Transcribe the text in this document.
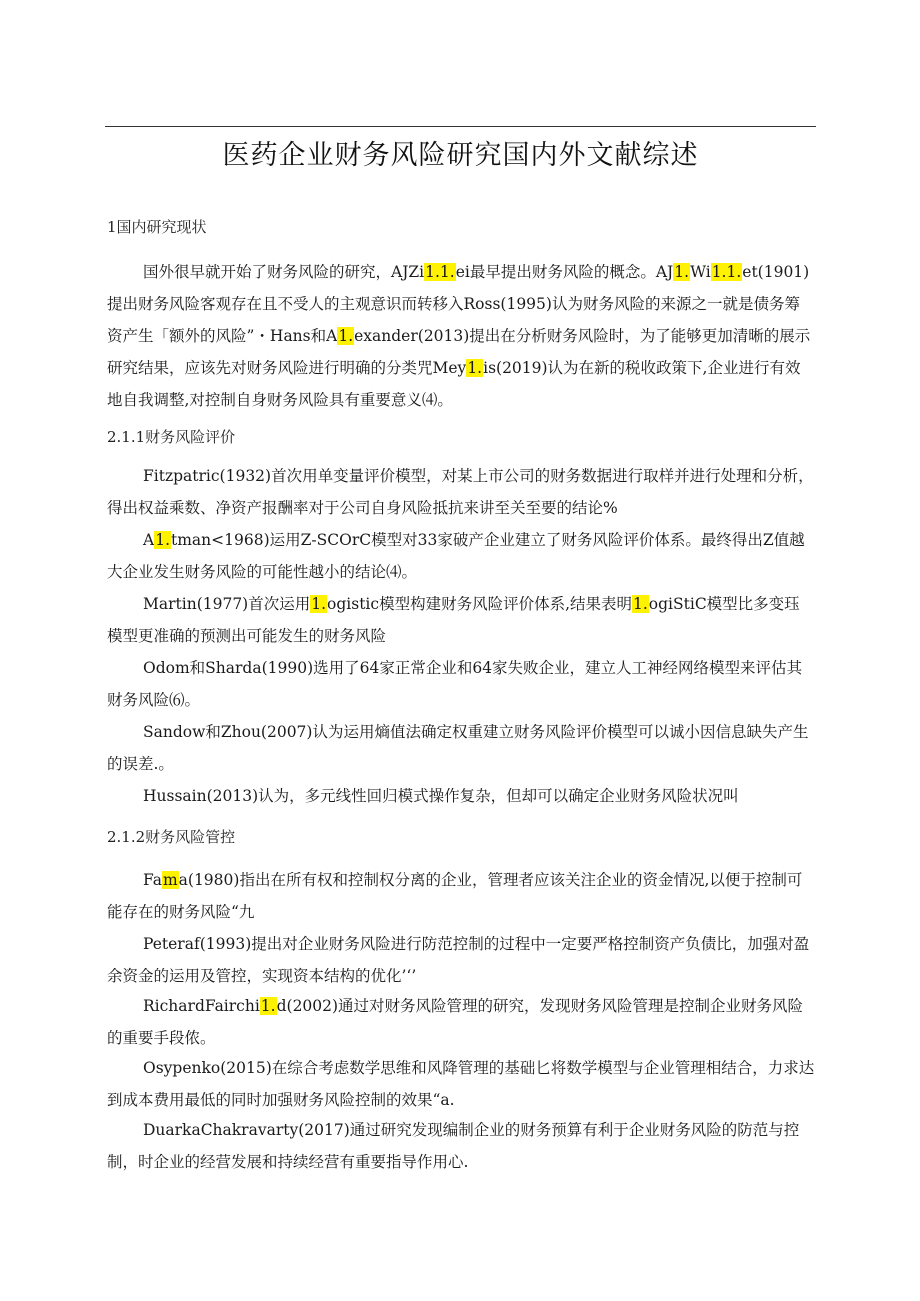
医药企业财务风险研究国内外文献综述
1国内研究现状
国外很早就开始了财务风险的研究，AJZi1.1.ei最早提出财务风险的概念。AJ1.Wi1.1.et(1901)提出财务风险客观存在且不受人的主观意识而转移入Ross(1995)认为财务风险的来源之一就是债务筹资产生「额外的风险”・Hans和A1.exander(2013)提出在分析财务风险时，为了能够更加清晰的展示研究结果，应该先对财务风险进行明确的分类咒Mey1.is(2019)认为在新的税收政策下,企业进行有效地自我调整,对控制自身财务风险具有重要意义⑷。
2.1.1财务风险评价
Fitzpatric(1932)首次用单变量评价模型，对某上市公司的财务数据进行取样并进行处理和分析，得出权益乘数、净资产报酬率对于公司自身风险抵抗来讲至关至要的结论%
A1.tman<1968)运用Z-SCOrC模型对33家破产企业建立了财务风险评价体系。最终得出Z值越大企业发生财务风险的可能性越小的结论⑷。
Martin(1977)首次运用1.ogistic模型构建财务风险评价体系,结果表明1.ogiStiC模型比多变珏模型更准确的预测出可能发生的财务风险
Odom和Sharda(1990)选用了64家正常企业和64家失败企业，建立人工神经网络模型来评估其财务风险⑹。
Sandow和Zhou(2007)认为运用熵值法确定权重建立财务风险评价模型可以诚小因信息缺失产生的误差.。
Hussain(2013)认为，多元线性回归模式操作复杂，但却可以确定企业财务风险状况叫
2.1.2财务风险管控
Fama(1980)指出在所有权和控制权分离的企业，管理者应该关注企业的资金情况,以便于控制可能存在的财务风险“九
Peteraf(1993)提出对企业财务风险进行防范控制的过程中一定要严格控制资产负债比，加强对盈余资金的运用及管控，实现资本结构的优化’‘’
RichardFairchi1.d(2002)通过对财务风险管理的研究，发现财务风险管理是控制企业财务风险的重要手段侬。
Osypenko(2015)在综合考虑数学思维和风降管理的基础匕将数学模型与企业管理相结合，力求达到成本费用最低的同时加强财务风险控制的效果“a.
DuarkaChakravarty(2017)通过研究发现编制企业的财务预算有利于企业财务风险的防范与控制，时企业的经营发展和持续经营有重要指导作用心.
